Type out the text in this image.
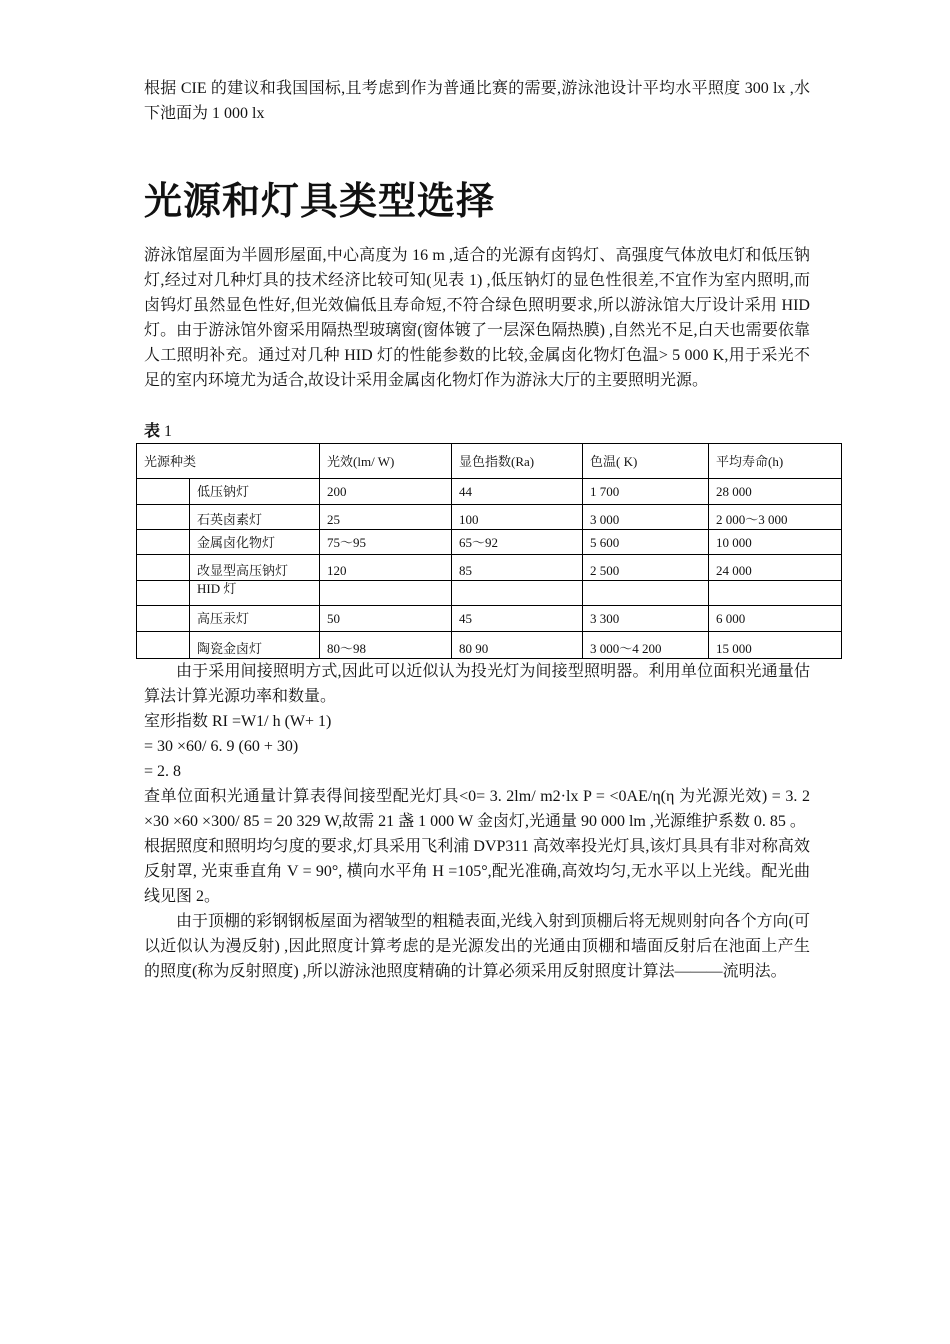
根据 CIE 的建议和我国国标,且考虑到作为普通比赛的需要,游泳池设计平均水平照度 300 lx ,水下池面为 1 000 lx

光源和灯具类型选择

游泳馆屋面为半圆形屋面,中心高度为 16 m ,适合的光源有卤钨灯、高强度气体放电灯和低压钠灯,经过对几种灯具的技术经济比较可知(见表 1) ,低压钠灯的显色性很差,不宜作为室内照明,而卤钨灯虽然显色性好,但光效偏低且寿命短,不符合绿色照明要求,所以游泳馆大厅设计采用 HID 灯。由于游泳馆外窗采用隔热型玻璃窗(窗体镀了一层深色隔热膜) ,自然光不足,白天也需要依靠人工照明补充。通过对几种 HID 灯的性能参数的比较,金属卤化物灯色温> 5 000 K,用于采光不足的室内环境尤为适合,故设计采用金属卤化物灯作为游泳大厅的主要照明光源。

表 1
光源种类		光效(lm/ W)	显色指数(Ra)	色温( K)	平均寿命(h)
	低压钠灯	200	44	1 700	28 000
	石英卤素灯	25	100	3 000	2 000～3 000
	金属卤化物灯	75～95	65～92	5 600	10 000
	改显型高压钠灯	120	85	2 500	24 000
	HID 灯				
	高压汞灯	50	45	3 300	6 000
	陶瓷金卤灯	80～98	80 90	3 000～4 200	15 000

由于采用间接照明方式,因此可以近似认为投光灯为间接型照明器。利用单位面积光通量估算法计算光源功率和数量。

室形指数 RI =W1/ h (W+ 1)

= 30 ×60/ 6. 9 (60 + 30)

= 2. 8

查单位面积光通量计算表得间接型配光灯具<0= 3. 2lm/ m2·lx P = <0AE/η(η 为光源光效) = 3. 2 ×30 ×60 ×300/ 85 = 20 329 W,故需 21 盏 1 000 W 金卤灯,光通量 90 000 lm ,光源维护系数 0. 85 。

根据照度和照明均匀度的要求,灯具采用飞利浦 DVP311 高效率投光灯具,该灯具具有非对称高效反射罩, 光束垂直角 V = 90°, 横向水平角 H =105°,配光准确,高效均匀,无水平以上光线。配光曲线见图 2。

由于顶棚的彩钢钢板屋面为褶皱型的粗糙表面,光线入射到顶棚后将无规则射向各个方向(可以近似认为漫反射) ,因此照度计算考虑的是光源发出的光通由顶棚和墙面反射后在池面上产生的照度(称为反射照度) ,所以游泳池照度精确的计算必须采用反射照度计算法———流明法。
